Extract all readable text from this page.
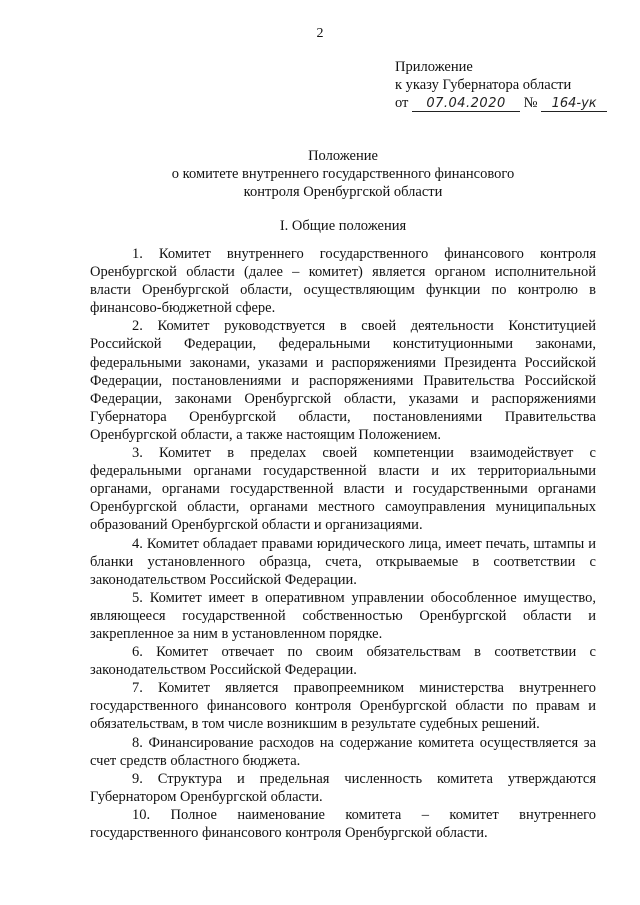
2
Приложение
к указу Губернатора области
от 07.04.2020 № 164-ук
Положение
о комитете внутреннего государственного финансового
контроля Оренбургской области
I. Общие положения

1. Комитет внутреннего государственного финансового контроля Оренбургской области (далее – комитет) является органом исполнительной власти Оренбургской области, осуществляющим функции по контролю в финансово-бюджетной сфере.

2. Комитет руководствуется в своей деятельности Конституцией Российской Федерации, федеральными конституционными законами, федеральными законами, указами и распоряжениями Президента Российской Федерации, постановлениями и распоряжениями Правительства Российской Федерации, законами Оренбургской области, указами и распоряжениями Губернатора Оренбургской области, постановлениями Правительства Оренбургской области, а также настоящим Положением.

3. Комитет в пределах своей компетенции взаимодействует с федеральными органами государственной власти и их территориальными органами, органами государственной власти и государственными органами Оренбургской области, органами местного самоуправления муниципальных образований Оренбургской области и организациями.

4. Комитет обладает правами юридического лица, имеет печать, штампы и бланки установленного образца, счета, открываемые в соответствии с законодательством Российской Федерации.

5. Комитет имеет в оперативном управлении обособленное имущество, являющееся государственной собственностью Оренбургской области и закрепленное за ним в установленном порядке.

6. Комитет отвечает по своим обязательствам в соответствии с законодательством Российской Федерации.

7. Комитет является правопреемником министерства внутреннего государственного финансового контроля Оренбургской области по правам и обязательствам, в том числе возникшим в результате судебных решений.

8. Финансирование расходов на содержание комитета осуществляется за счет средств областного бюджета.

9. Структура и предельная численность комитета утверждаются Губернатором Оренбургской области.

10. Полное наименование комитета – комитет внутреннего государственного финансового контроля Оренбургской области.
